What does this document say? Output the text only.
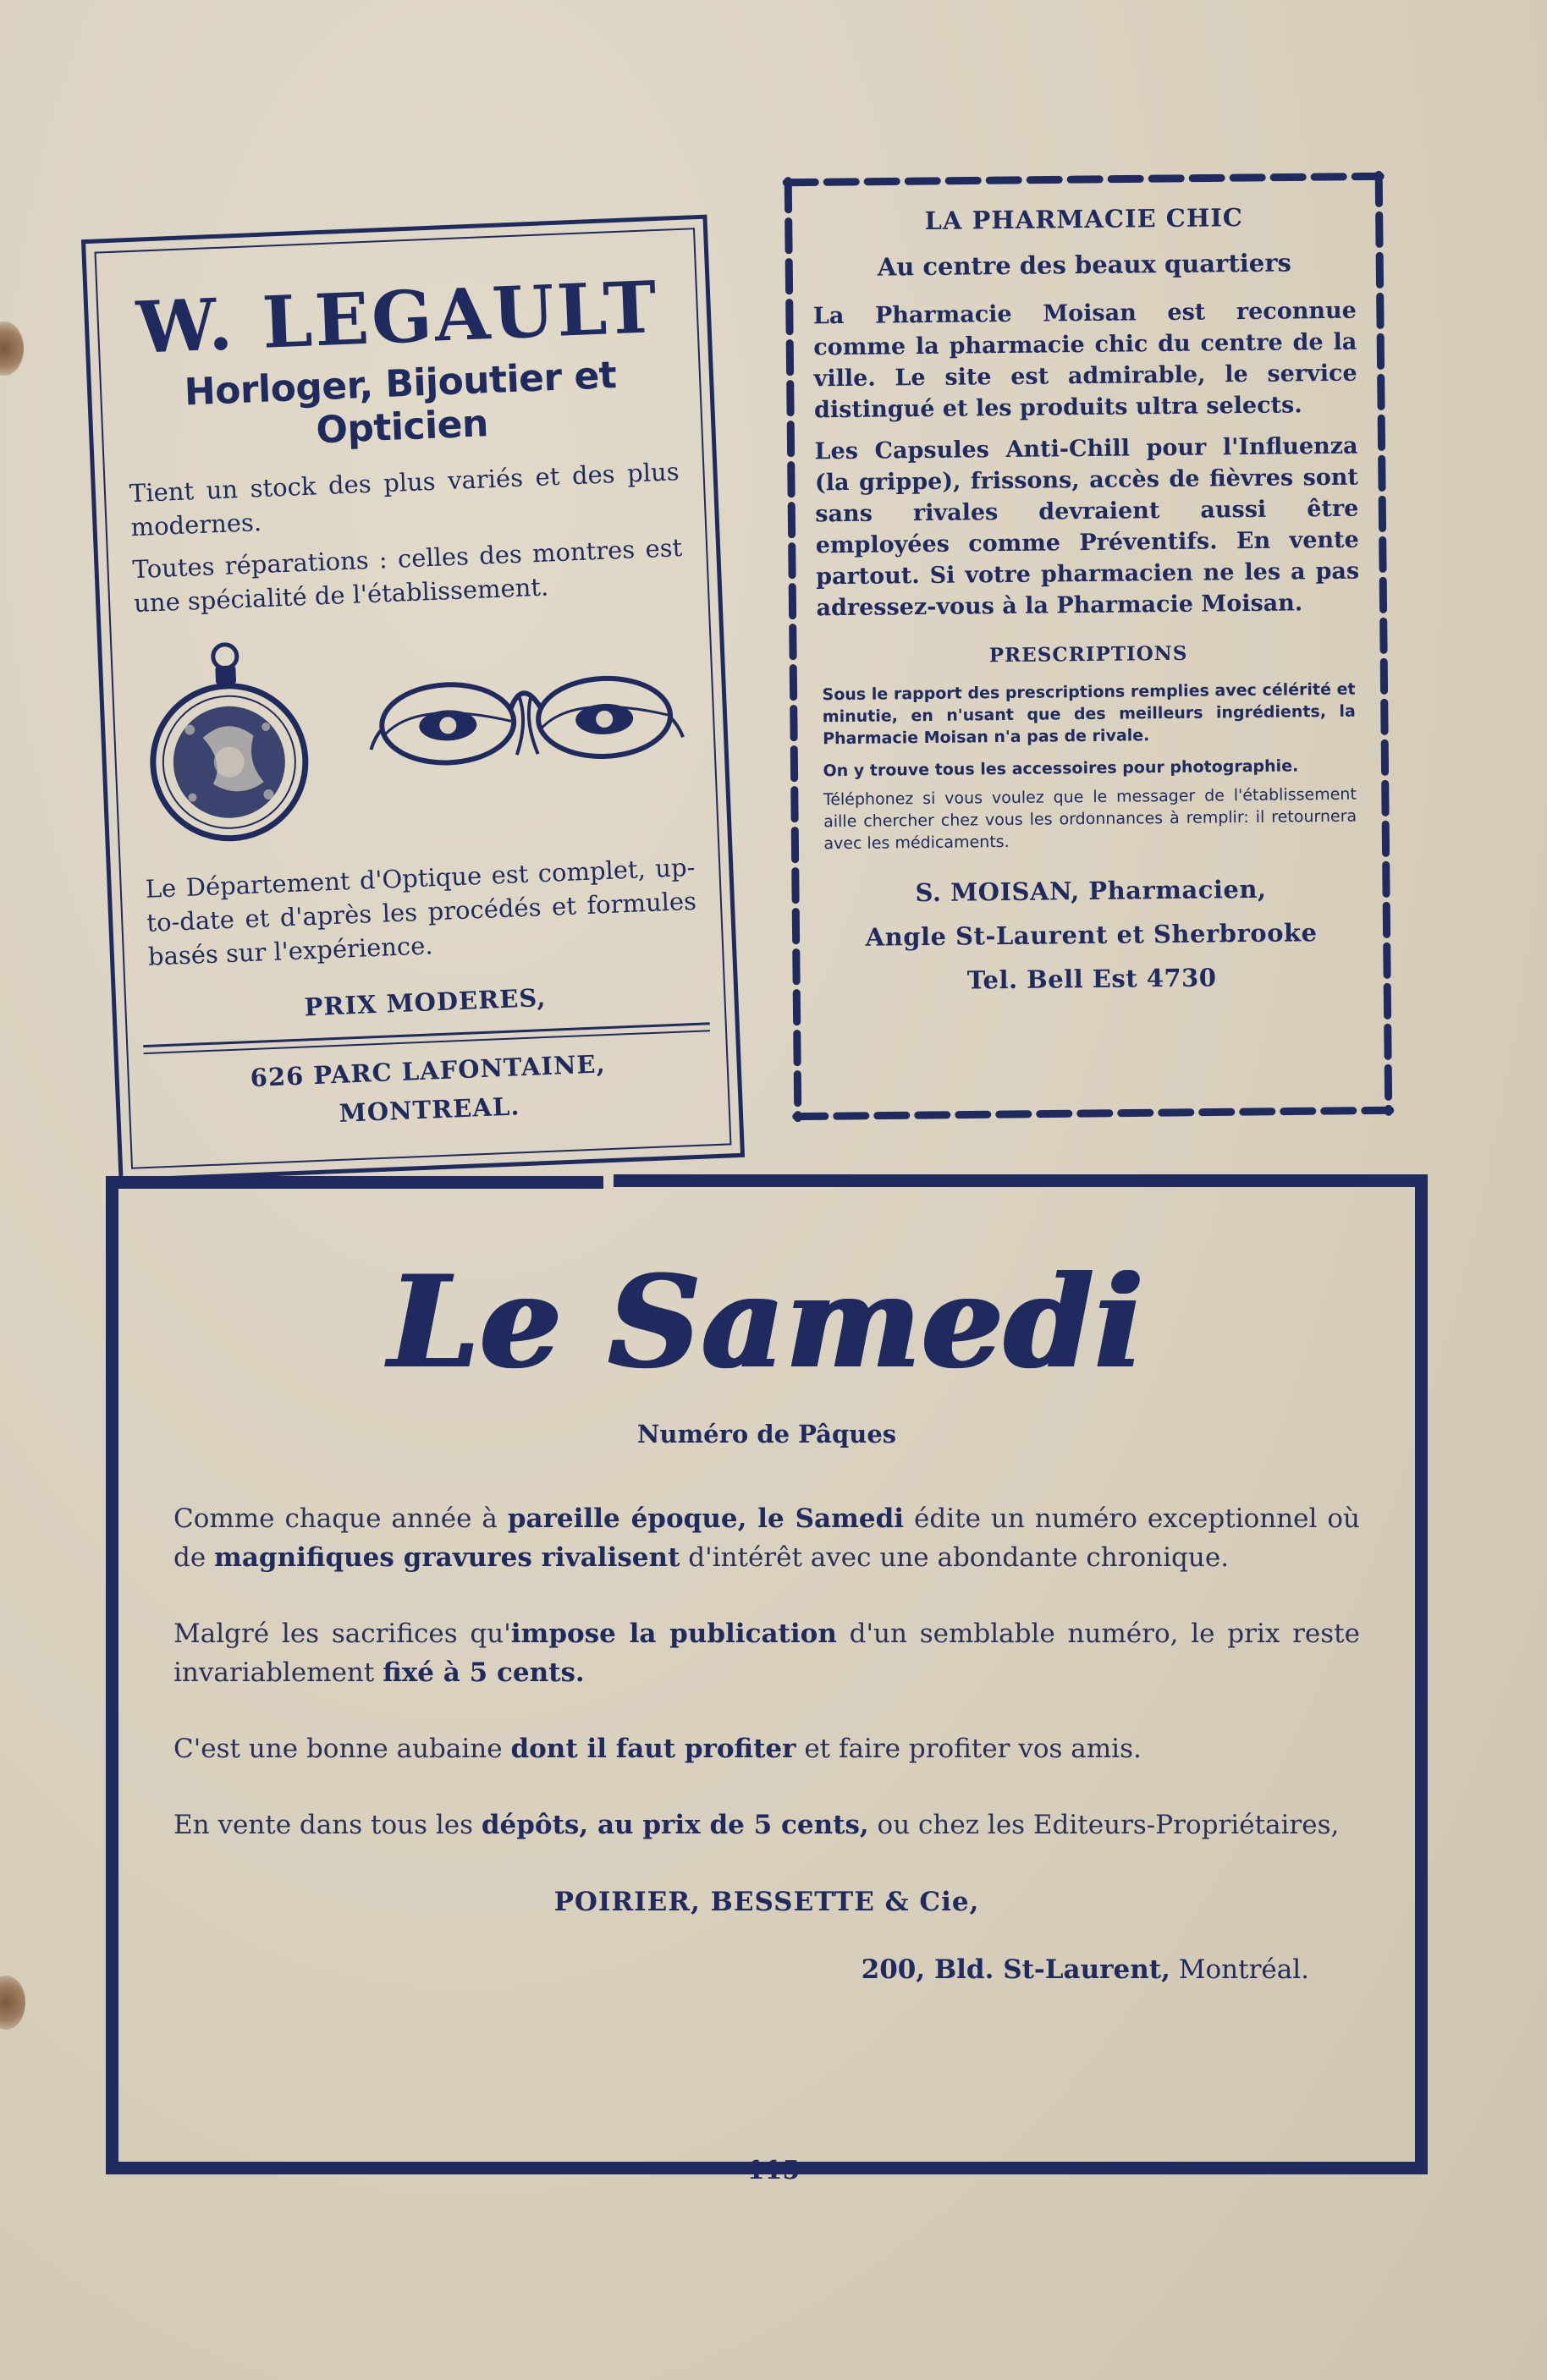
W. LEGAULT
Horloger, Bijoutier et Opticien

Tient un stock des plus variés et des plus modernes.

Toutes réparations : celles des montres est une spécialité de l'établissement.

Le Département d'Optique est complet, up-to-date et d'après les procédés et formules basés sur l'expérience.

PRIX MODERES,
626 PARC LAFONTAINE,
MONTREAL.
LA PHARMACIE CHIC
Au centre des beaux quartiers

La Pharmacie Moisan est reconnue comme la pharmacie chic du centre de la ville. Le site est admirable, le service distingué et les produits ultra selects.

Les Capsules Anti-Chill pour l'Influenza (la grippe), frissons, accès de fièvres sont sans rivales devraient aussi être employées comme Préventifs. En vente partout. Si votre pharmacien ne les a pas adressez-vous à la Pharmacie Moisan.

PRESCRIPTIONS

Sous le rapport des prescriptions remplies avec célérité et minutie, en n'usant que des meilleurs ingrédients, la Pharmacie Moisan n'a pas de rivale.

On y trouve tous les accessoires pour photographie.

Téléphonez si vous voulez que le messager de l'établissement aille chercher chez vous les ordonnances à remplir: il retournera avec les médicaments.

S. MOISAN, Pharmacien,
Angle St-Laurent et Sherbrooke
Tel. Bell Est 4730
Le Samedi
Numéro de Pâques

Comme chaque année à pareille époque, le Samedi édite un numéro exceptionnel où de magnifiques gravures rivalisent d'intérêt avec une abondante chronique.

Malgré les sacrifices qu'impose la publication d'un semblable numéro, le prix reste invariablement fixé à 5 cents.

C'est une bonne aubaine dont il faut profiter et faire profiter vos amis.

En vente dans tous les dépôts, au prix de 5 cents, ou chez les Editeurs-Propriétaires,

POIRIER, BESSETTE & Cie,
200, Bld. St-Laurent, Montréal.
115
